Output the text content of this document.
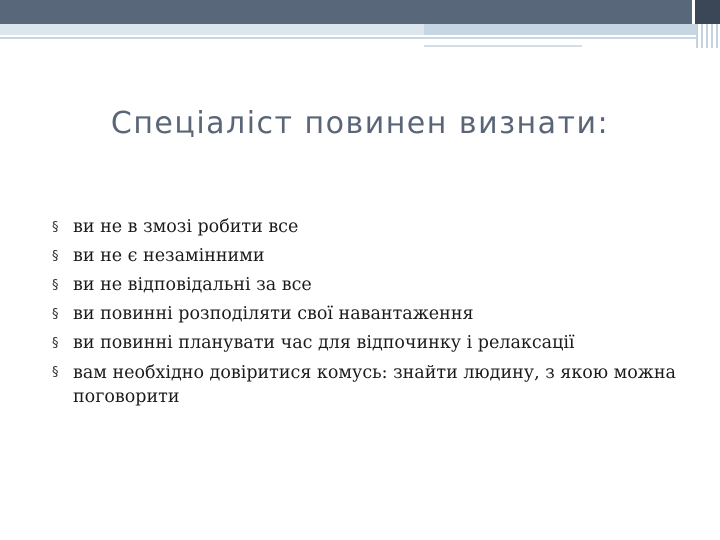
Спеціаліст повинен визнати:
§ ви не в змозі робити все
§ ви не є незамінними
§ ви не відповідальні за все
§ ви повинні розподіляти свої навантаження
§ ви повинні планувати час для відпочинку і релаксації
§ вам необхідно довіритися комусь: знайти людину, з якою можна поговорити
